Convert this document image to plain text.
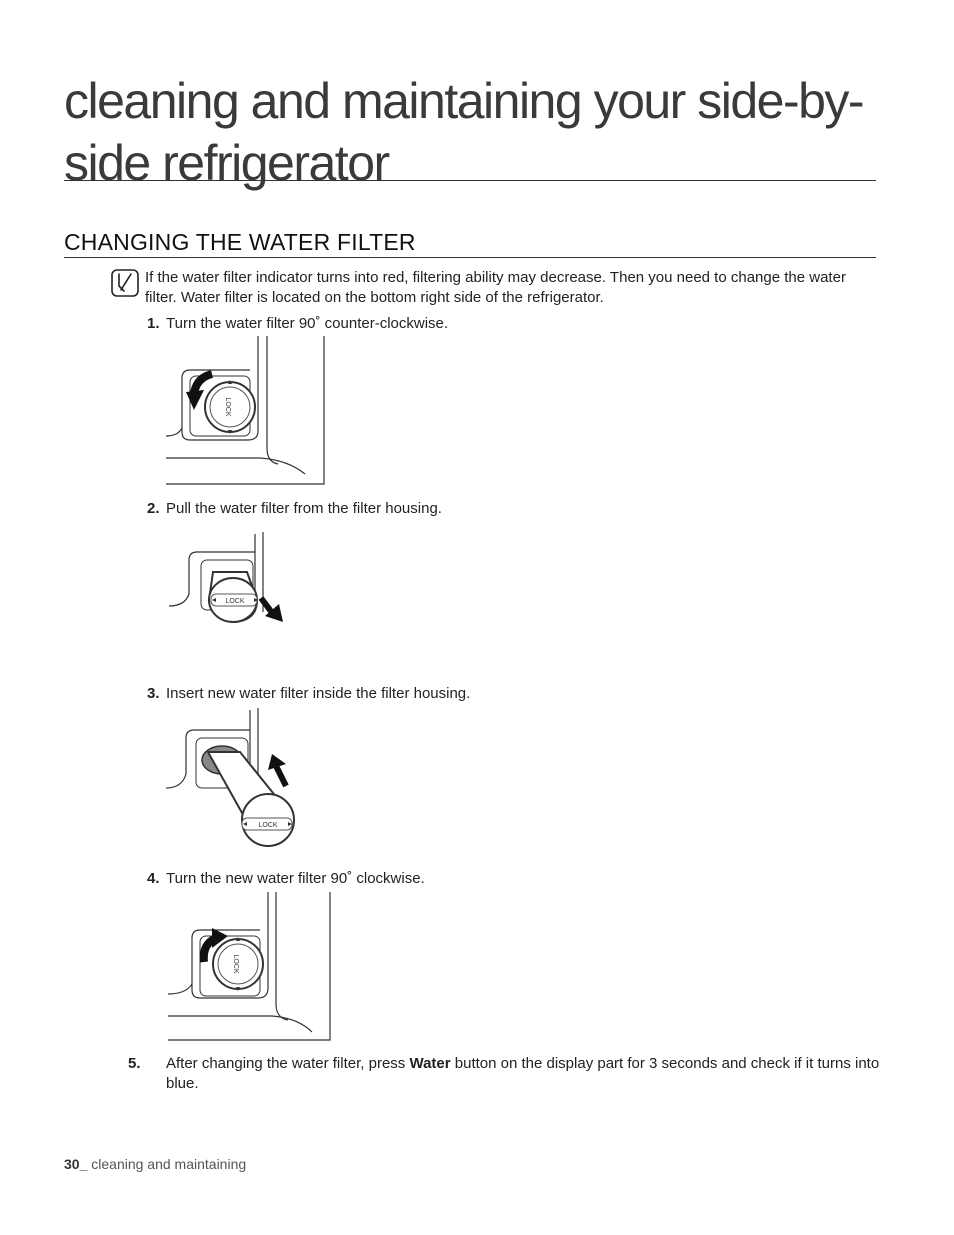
cleaning and maintaining your side-by-side refrigerator
CHANGING THE WATER FILTER

If the water filter indicator turns into red, filtering ability may decrease. Then you need to change the water filter. Water filter is located on the bottom right side of the refrigerator.

1. Turn the water filter 90˚ counter-clockwise.
LOCK
2. Pull the water filter from the filter housing.
LOCK
3. Insert new water filter inside the filter housing.
LOCK
4. Turn the new water filter 90˚ clockwise.
LOCK
5. After changing the water filter, press Water button on the display part for 3 seconds and check if it turns into blue.
30_ cleaning and maintaining
